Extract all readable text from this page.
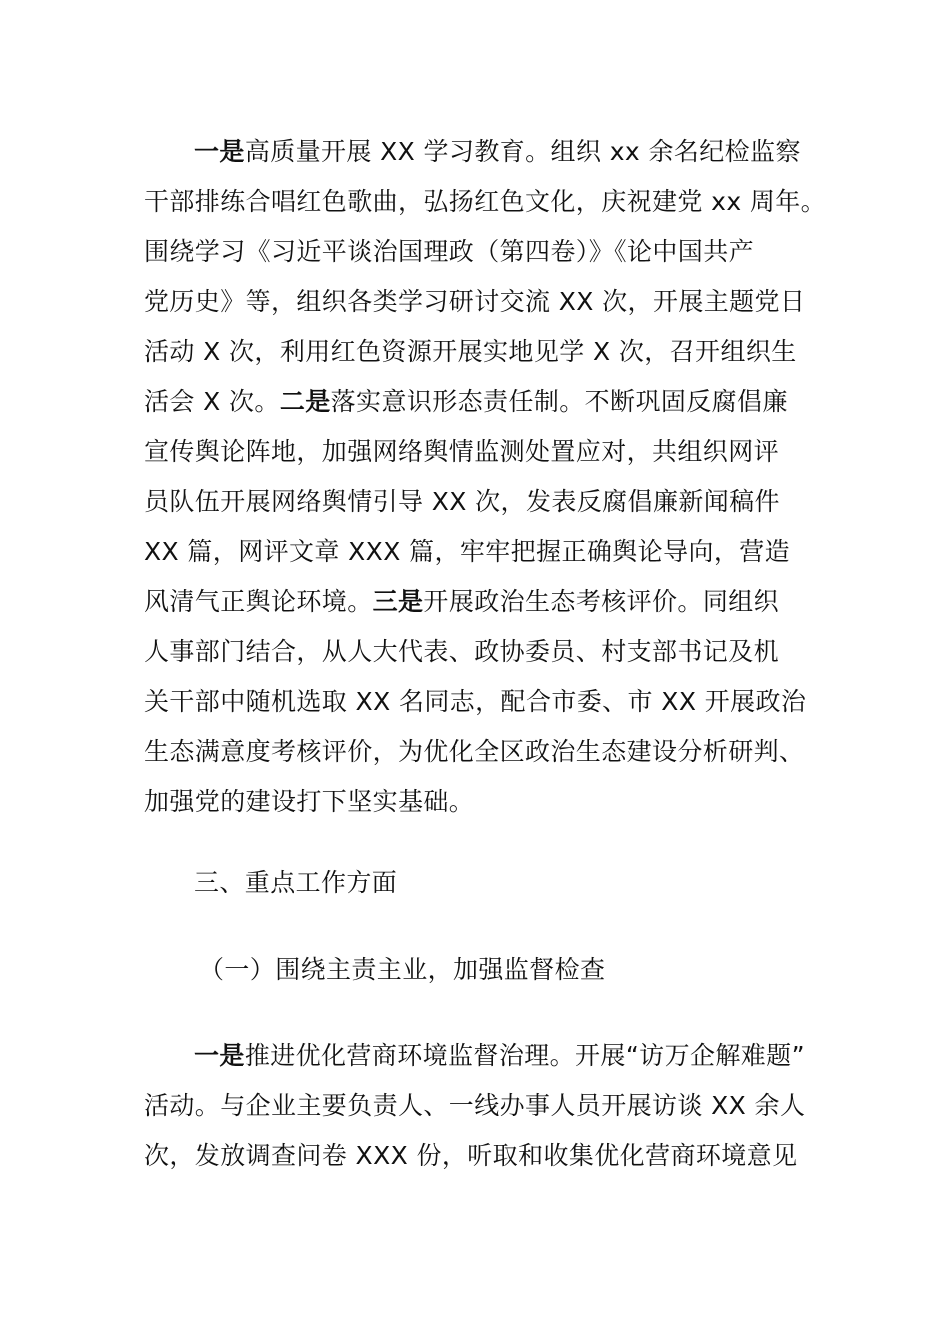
一是高质量开展 XX 学习教育。组织 xx 余名纪检监察
干部排练合唱红色歌曲，弘扬红色文化，庆祝建党 xx 周年。
围绕学习《习近平谈治国理政（第四卷）》《论中国共产
党历史》等，组织各类学习研讨交流 XX 次，开展主题党日
活动 X 次，利用红色资源开展实地见学 X 次，召开组织生
活会 X 次。二是落实意识形态责任制。不断巩固反腐倡廉
宣传舆论阵地，加强网络舆情监测处置应对，共组织网评
员队伍开展网络舆情引导 XX 次，发表反腐倡廉新闻稿件
XX 篇，网评文章 XXX 篇，牢牢把握正确舆论导向，营造
风清气正舆论环境。三是开展政治生态考核评价。同组织
人事部门结合，从人大代表、政协委员、村支部书记及机
关干部中随机选取 XX 名同志，配合市委、市 XX 开展政治
生态满意度考核评价，为优化全区政治生态建设分析研判、
加强党的建设打下坚实基础。
三、重点工作方面
（一）围绕主责主业，加强监督检查
一是推进优化营商环境监督治理。开展“访万企解难题”
活动。与企业主要负责人、一线办事人员开展访谈 XX 余人
次，发放调查问卷 XXX 份，听取和收集优化营商环境意见
